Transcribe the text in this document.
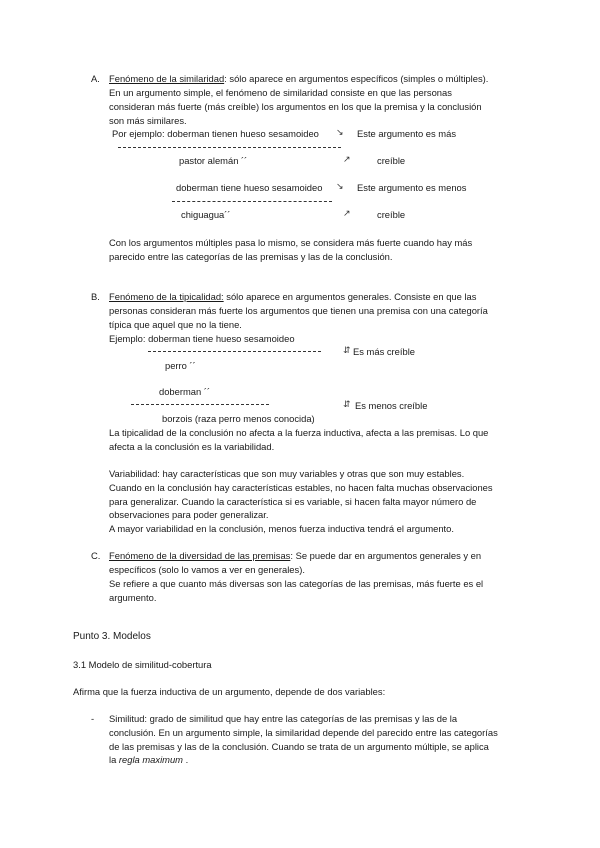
A. Fenómeno de la similaridad: sólo aparece en argumentos específicos (simples o múltiples).
En un argumento simple, el fenómeno de similaridad consiste en que las personas
consideran más fuerte (más creíble) los argumentos en los que la premisa y la conclusión
son más similares.
Por ejemplo: doberman tienen hueso sesamoideo ↘ Este argumento es más
pastor alemán ´´	↗	creíble
doberman tiene hueso sesamoideo ↘ Este argumento es menos
chiguagua´´	↗	creíble
Con los argumentos múltiples pasa lo mismo, se considera más fuerte cuando hay más
parecido entre las categorías de las premisas y las de la conclusión.
B. Fenómeno de la tipicalidad: sólo aparece en argumentos generales. Consiste en que las
personas consideran más fuerte los argumentos que tienen una premisa con una categoría
típica que aquel que no la tiene.
Ejemplo: doberman tiene hueso sesamoideo
⇵ Es más creíble
perro ´´
doberman ´´
⇵ Es menos creíble
borzois (raza perro menos conocida)
La tipicalidad de la conclusión no afecta a la fuerza inductiva, afecta a las premisas. Lo que
afecta a la conclusión es la variabilidad.
Variabilidad: hay características que son muy variables y otras que son muy estables.
Cuando en la conclusión hay características estables, no hacen falta muchas observaciones
para generalizar. Cuando la característica si es variable, si hacen falta mayor número de
observaciones para poder generalizar.
A mayor variabilidad en la conclusión, menos fuerza inductiva tendrá el argumento.
C. Fenómeno de la diversidad de las premisas: Se puede dar en argumentos generales y en
específicos (solo lo vamos a ver en generales).
Se refiere a que cuanto más diversas son las categorías de las premisas, más fuerte es el
argumento.
Punto 3. Modelos
3.1 Modelo de similitud-cobertura
Afirma que la fuerza inductiva de un argumento, depende de dos variables:
- Similitud: grado de similitud que hay entre las categorías de las premisas y las de la
conclusión. En un argumento simple, la similaridad depende del parecido entre las categorías
de las premisas y las de la conclusión. Cuando se trata de un argumento múltiple, se aplica
la regla maximum .
